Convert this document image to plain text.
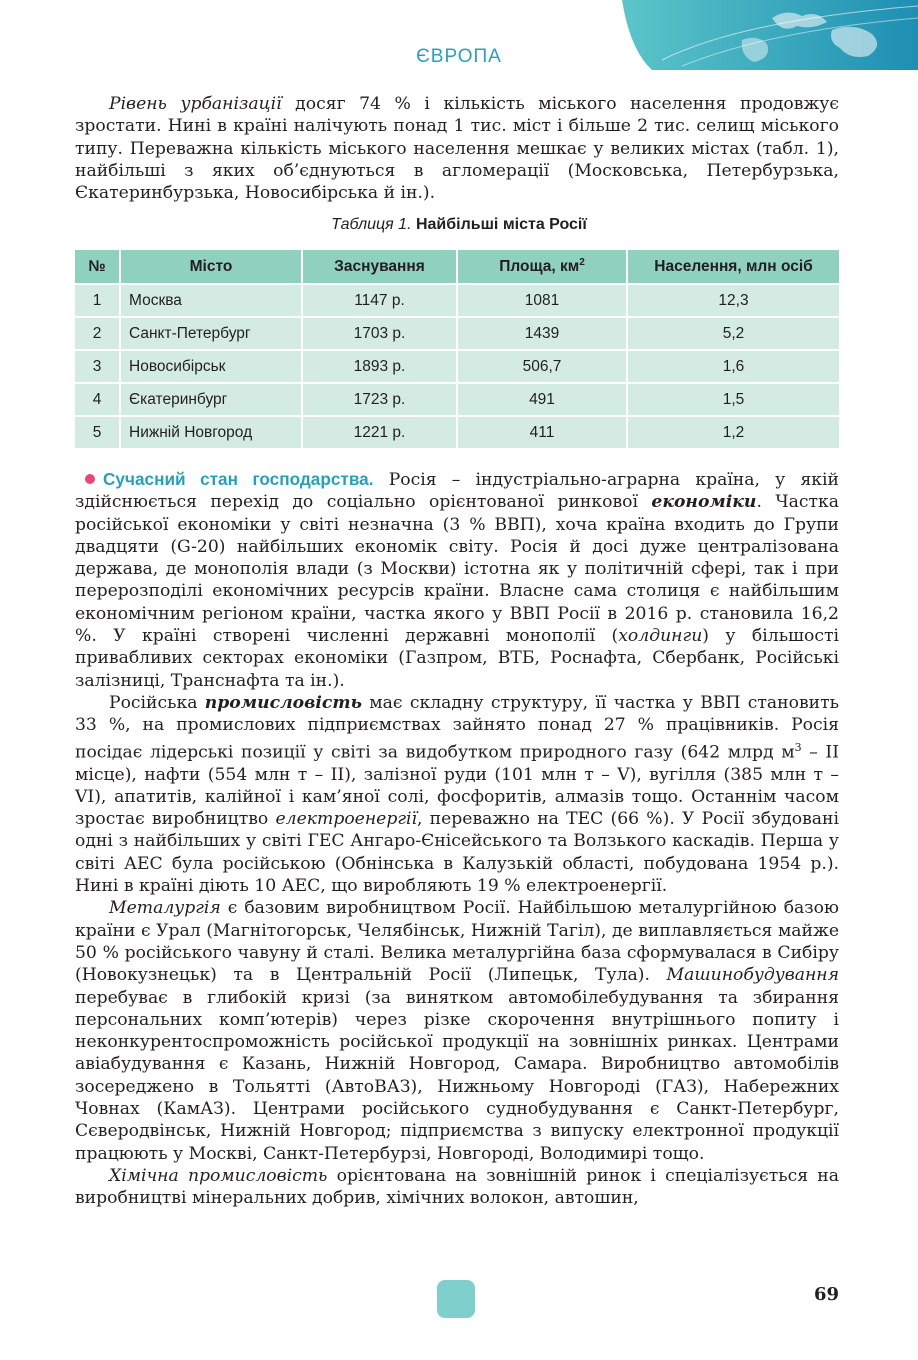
ЄВРОПА

Рівень урбанізації досяг 74 % і кількість міського населення продовжує зростати. Нині в країні налічують понад 1 тис. міст і більше 2 тис. селищ міського типу. Переважна кількість міського населення мешкає у великих містах (табл. 1), найбільші з яких об’єднуються в агломерації (Московська, Петербурзька, Єкатеринбурзька, Новосибірська й ін.).

Таблиця 1. Найбільші міста Росії
№	Місто	Заснування	Площа, $км^2$	Населення, млн осіб
1	Москва	1147 р.	1081	12,3
2	Санкт-Петербург	1703 р.	1439	5,2
3	Новосибірськ	1893 р.	506,7	1,6
4	Єкатеринбург	1723 р.	491	1,5
5	Нижній Новгород	1221 р.	411	1,2

Сучасний стан господарства. Росія – індустріально-аграрна країна, у якій здійснюється перехід до соціально орієнтованої ринкової економіки. Частка російської економіки у світі незначна (3 % ВВП), хоча країна входить до Групи двадцяти (G-20) найбільших економік світу. Росія й досі дуже централізована держава, де монополія влади (з Москви) істотна як у політичній сфері, так і при перерозподілі економічних ресурсів країни. Власне сама столиця є найбільшим економічним регіоном країни, частка якого у ВВП Росії в 2016 р. становила 16,2 %. У країні створені численні державні монополії (холдинги) у більшості привабливих секторах економіки (Газпром, ВТБ, Роснафта, Сбербанк, Російські залізниці, Транснафта та ін.).

Російська промисловість має складну структуру, її частка у ВВП становить 33 %, на промислових підприємствах зайнято понад 27 % працівників. Росія посідає лідерські позиції у світі за видобутком природного газу (642 млрд $м^3$ – II місце), нафти (554 млн т – II), залізної руди (101 млн т – V), вугілля (385 млн т – VI), апатитів, калійної і кам’яної солі, фосфоритів, алмазів тощо. Останнім часом зростає виробництво електроенергії, переважно на ТЕС (66 %). У Росії збудовані одні з найбільших у світі ГЕС Ангаро-Єнісейського та Волзького каскадів. Перша у світі АЕС була російською (Обнінська в Калузькій області, побудована 1954 р.). Нині в країні діють 10 АЕС, що виробляють 19 % електроенергії.

Металургія є базовим виробництвом Росії. Найбільшою металургійною базою країни є Урал (Магнітогорськ, Челябінськ, Нижній Тагіл), де виплавляється майже 50 % російського чавуну й сталі. Велика металургійна база сформувалася в Сибіру (Новокузнецьк) та в Центральній Росії (Липецьк, Тула). Машинобудування перебуває в глибокій кризі (за винятком автомобілебудування та збирання персональних комп’ютерів) через різке скорочення внутрішнього попиту і неконкурентоспроможність російської продукції на зовнішніх ринках. Центрами авіабудування є Казань, Нижній Новгород, Самара. Виробництво автомобілів зосереджено в Тольятті (АвтоВАЗ), Нижньому Новгороді (ГАЗ), Набережних Човнах (КамАЗ). Центрами російського суднобудування є Санкт-Петербург, Сєверодвінськ, Нижній Новгород; підприємства з випуску електронної продукції працюють у Москві, Санкт-Петербурзі, Новгороді, Володимирі тощо.

Хімічна промисловість орієнтована на зовнішній ринок і спеціалізується на виробництві мінеральних добрив, хімічних волокон, автошин,

69
